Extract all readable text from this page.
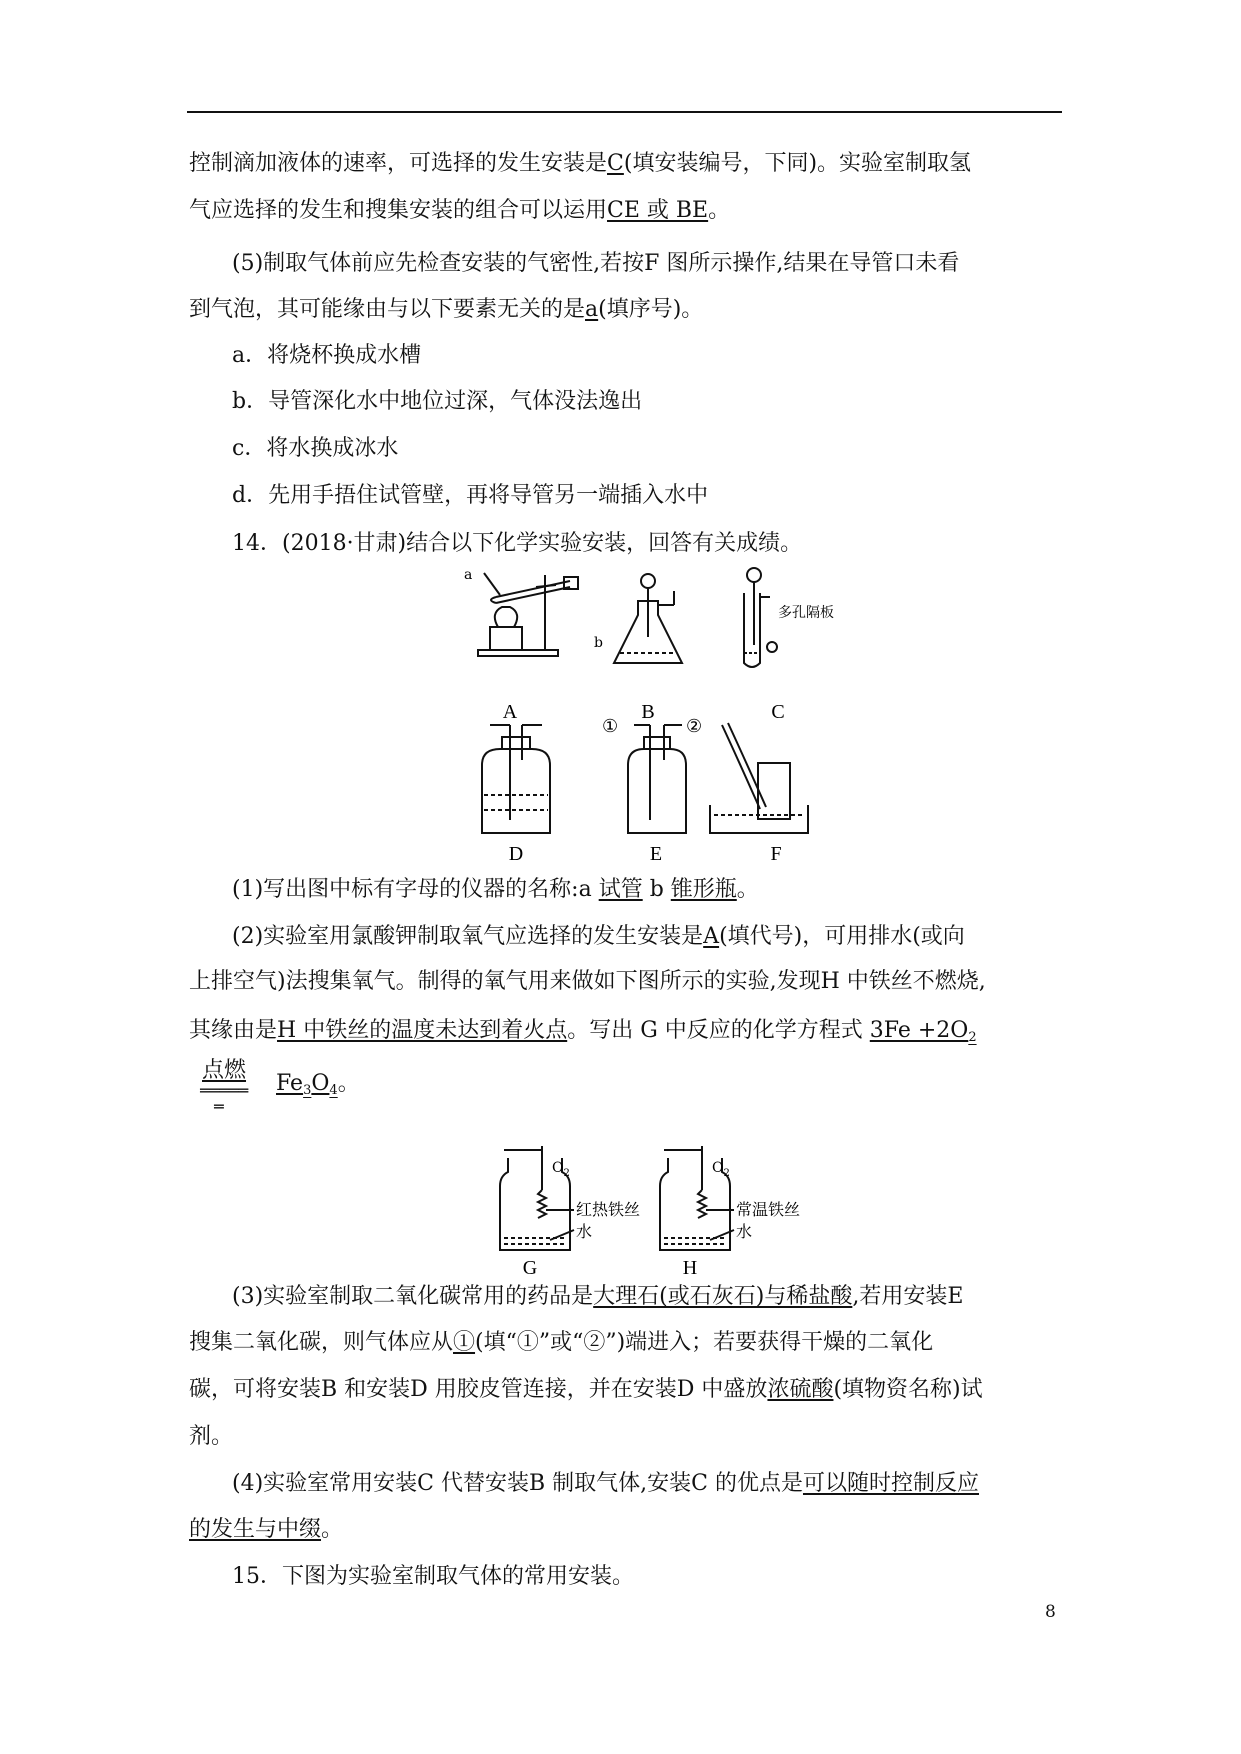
控制滴加液体的速率，可选择的发生安装是C(填安装编号，下同)。实验室制取氢
气应选择的发生和搜集安装的组合可以运用CE 或 BE。
(5)制取气体前应先检查安装的气密性,若按F 图所示操作,结果在导管口未看
到气泡，其可能缘由与以下要素无关的是a(填序号)。
a．将烧杯换成水槽
b．导管深化水中地位过深，气体没法逸出
c．将水换成冰水
d．先用手捂住试管壁，再将导管另一端插入水中
14．(2018·甘肃)结合以下化学实验安装，回答有关成绩。
a
b
多孔隔板
①	②
A	B	C
D	E	F
(1)写出图中标有字母的仪器的名称:a 试管 b 锥形瓶。
(2)实验室用氯酸钾制取氧气应选择的发生安装是A(填代号)，可用排水(或向
上排空气)法搜集氧气。制得的氧气用来做如下图所示的实验,发现H 中铁丝不燃烧,
其缘由是H 中铁丝的温度未达到着火点。写出 G 中反应的化学方程式 $3Fe +2O_2$
点燃
═════
═
$Fe_3O_4$。
$O_2$	$O_2$
红热铁丝	常温铁丝
水	水
G	H
(3)实验室制取二氧化碳常用的药品是大理石(或石灰石)与稀盐酸,若用安装E
搜集二氧化碳，则气体应从①(填“①”或“②”)端进入；若要获得干燥的二氧化
碳，可将安装B 和安装D 用胶皮管连接，并在安装D 中盛放浓硫酸(填物资名称)试
剂。
(4)实验室常用安装C 代替安装B 制取气体,安装C 的优点是可以随时控制反应
的发生与中缀。
15．下图为实验室制取气体的常用安装。
8
